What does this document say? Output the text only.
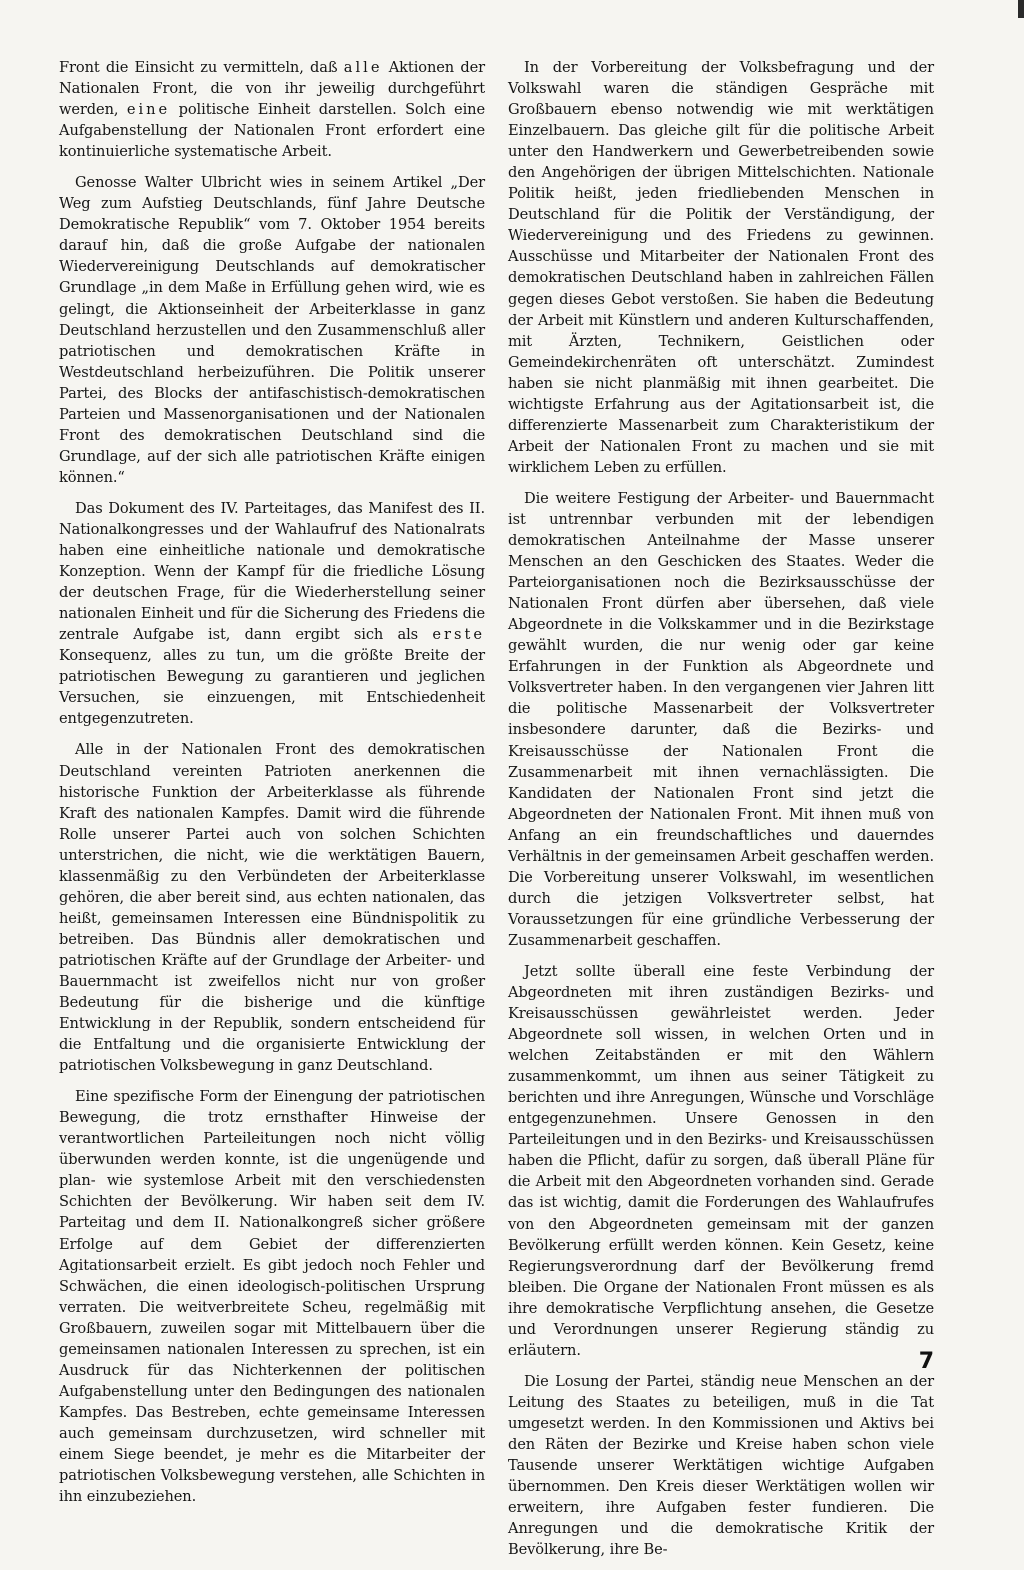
Front die Einsicht zu vermitteln, daß alle Aktionen der Nationalen Front, die von ihr jeweilig durchgeführt werden, eine politische Einheit darstellen. Solch eine Aufgabenstellung der Nationalen Front erfordert eine kontinuierliche systematische Arbeit.

Genosse Walter Ulbricht wies in seinem Artikel „Der Weg zum Aufstieg Deutschlands, fünf Jahre Deutsche Demokratische Republik“ vom 7. Oktober 1954 bereits darauf hin, daß die große Aufgabe der nationalen Wiedervereinigung Deutschlands auf demokratischer Grundlage „in dem Maße in Erfüllung gehen wird, wie es gelingt, die Aktionseinheit der Arbeiterklasse in ganz Deutschland herzustellen und den Zusammenschluß aller patriotischen und demokratischen Kräfte in Westdeutschland herbeizuführen. Die Politik unserer Partei, des Blocks der antifaschistisch-demokratischen Parteien und Massenorganisationen und der Nationalen Front des demokratischen Deutschland sind die Grundlage, auf der sich alle patriotischen Kräfte einigen können.“

Das Dokument des IV. Parteitages, das Manifest des II. Nationalkongresses und der Wahlaufruf des Nationalrats haben eine einheitliche nationale und demokratische Konzeption. Wenn der Kampf für die friedliche Lösung der deutschen Frage, für die Wiederherstellung seiner nationalen Einheit und für die Sicherung des Friedens die zentrale Aufgabe ist, dann ergibt sich als erste Konsequenz, alles zu tun, um die größte Breite der patriotischen Bewegung zu garantieren und jeglichen Versuchen, sie einzuengen, mit Entschiedenheit entgegenzutreten.

Alle in der Nationalen Front des demokratischen Deutschland vereinten Patrioten anerkennen die historische Funktion der Arbeiterklasse als führende Kraft des nationalen Kampfes. Damit wird die führende Rolle unserer Partei auch von solchen Schichten unterstrichen, die nicht, wie die werktätigen Bauern, klassenmäßig zu den Verbündeten der Arbeiterklasse gehören, die aber bereit sind, aus echten nationalen, das heißt, gemeinsamen Interessen eine Bündnispolitik zu betreiben. Das Bündnis aller demokratischen und patriotischen Kräfte auf der Grundlage der Arbeiter- und Bauernmacht ist zweifellos nicht nur von großer Bedeutung für die bisherige und die künftige Entwicklung in der Republik, sondern entscheidend für die Entfaltung und die organisierte Entwicklung der patriotischen Volksbewegung in ganz Deutschland.

Eine spezifische Form der Einengung der patriotischen Bewegung, die trotz ernsthafter Hinweise der verantwortlichen Parteileitungen noch nicht völlig überwunden werden konnte, ist die ungenügende und plan- wie systemlose Arbeit mit den verschiedensten Schichten der Bevölkerung. Wir haben seit dem IV. Parteitag und dem II. Nationalkongreß sicher größere Erfolge auf dem Gebiet der differenzierten Agitationsarbeit erzielt. Es gibt jedoch noch Fehler und Schwächen, die einen ideologisch-politischen Ursprung verraten. Die weitverbreitete Scheu, regelmäßig mit Großbauern, zuweilen sogar mit Mittelbauern über die gemeinsamen nationalen Interessen zu sprechen, ist ein Ausdruck für das Nichterkennen der politischen Aufgabenstellung unter den Bedingungen des nationalen Kampfes. Das Bestreben, echte gemeinsame Interessen auch gemeinsam durchzusetzen, wird schneller mit einem Siege beendet, je mehr es die Mitarbeiter der patriotischen Volksbewegung verstehen, alle Schichten in ihn einzubeziehen.

In der Vorbereitung der Volksbefragung und der Volkswahl waren die ständigen Gespräche mit Großbauern ebenso notwendig wie mit werktätigen Einzelbauern. Das gleiche gilt für die politische Arbeit unter den Handwerkern und Gewerbetreibenden sowie den Angehörigen der übrigen Mittelschichten. Nationale Politik heißt, jeden friedliebenden Menschen in Deutschland für die Politik der Verständigung, der Wiedervereinigung und des Friedens zu gewinnen. Ausschüsse und Mitarbeiter der Nationalen Front des demokratischen Deutschland haben in zahlreichen Fällen gegen dieses Gebot verstoßen. Sie haben die Bedeutung der Arbeit mit Künstlern und anderen Kulturschaffenden, mit Ärzten, Technikern, Geistlichen oder Gemeindekirchenräten oft unterschätzt. Zumindest haben sie nicht planmäßig mit ihnen gearbeitet. Die wichtigste Erfahrung aus der Agitationsarbeit ist, die differenzierte Massenarbeit zum Charakteristikum der Arbeit der Nationalen Front zu machen und sie mit wirklichem Leben zu erfüllen.

Die weitere Festigung der Arbeiter- und Bauernmacht ist untrennbar verbunden mit der lebendigen demokratischen Anteilnahme der Masse unserer Menschen an den Geschicken des Staates. Weder die Parteiorganisationen noch die Bezirksausschüsse der Nationalen Front dürfen aber übersehen, daß viele Abgeordnete in die Volkskammer und in die Bezirkstage gewählt wurden, die nur wenig oder gar keine Erfahrungen in der Funktion als Abgeordnete und Volksvertreter haben. In den vergangenen vier Jahren litt die politische Massenarbeit der Volksvertreter insbesondere darunter, daß die Bezirks- und Kreisausschüsse der Nationalen Front die Zusammenarbeit mit ihnen vernachlässigten. Die Kandidaten der Nationalen Front sind jetzt die Abgeordneten der Nationalen Front. Mit ihnen muß von Anfang an ein freundschaftliches und dauerndes Verhältnis in der gemeinsamen Arbeit geschaffen werden. Die Vorbereitung unserer Volkswahl, im wesentlichen durch die jetzigen Volksvertreter selbst, hat Voraussetzungen für eine gründliche Verbesserung der Zusammenarbeit geschaffen.

Jetzt sollte überall eine feste Verbindung der Abgeordneten mit ihren zuständigen Bezirks- und Kreisausschüssen gewährleistet werden. Jeder Abgeordnete soll wissen, in welchen Orten und in welchen Zeitabständen er mit den Wählern zusammenkommt, um ihnen aus seiner Tätigkeit zu berichten und ihre Anregungen, Wünsche und Vorschläge entgegenzunehmen. Unsere Genossen in den Parteileitungen und in den Bezirks- und Kreisausschüssen haben die Pflicht, dafür zu sorgen, daß überall Pläne für die Arbeit mit den Abgeordneten vorhanden sind. Gerade das ist wichtig, damit die Forderungen des Wahlaufrufes von den Abgeordneten gemeinsam mit der ganzen Bevölkerung erfüllt werden können. Kein Gesetz, keine Regierungsverordnung darf der Bevölkerung fremd bleiben. Die Organe der Nationalen Front müssen es als ihre demokratische Verpflichtung ansehen, die Gesetze und Verordnungen unserer Regierung ständig zu erläutern.

Die Losung der Partei, ständig neue Menschen an der Leitung des Staates zu beteiligen, muß in die Tat umgesetzt werden. In den Kommissionen und Aktivs bei den Räten der Bezirke und Kreise haben schon viele Tausende unserer Werktätigen wichtige Aufgaben übernommen. Den Kreis dieser Werktätigen wollen wir erweitern, ihre Aufgaben fester fundieren. Die Anregungen und die demokratische Kritik der Bevölkerung, ihre Be-

7
